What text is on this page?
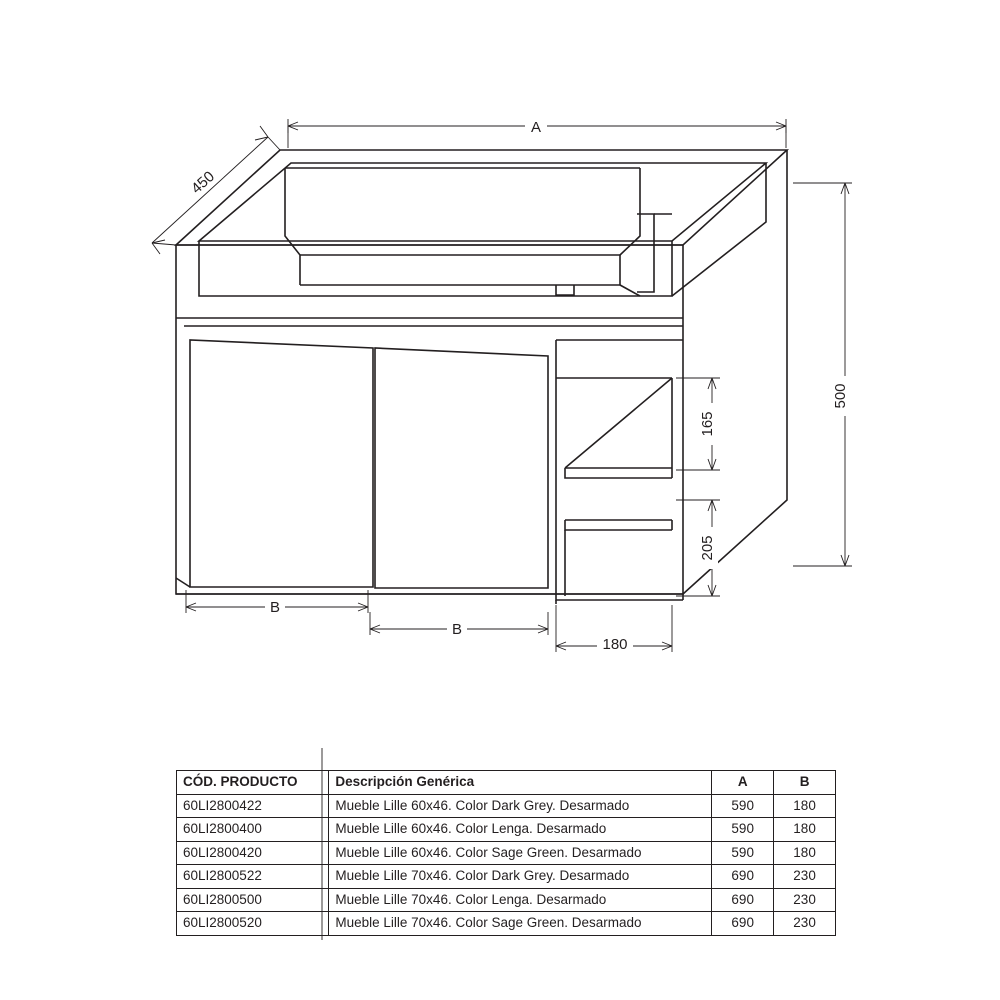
A
450
500
165
205
B
B
180
CÓD. PRODUCTO	Descripción Genérica	A	B
60LI2800422	Mueble Lille 60x46. Color Dark Grey. Desarmado	590	180
60LI2800400	Mueble Lille 60x46. Color Lenga. Desarmado	590	180
60LI2800420	Mueble Lille 60x46. Color Sage Green. Desarmado	590	180
60LI2800522	Mueble Lille 70x46. Color Dark Grey. Desarmado	690	230
60LI2800500	Mueble Lille 70x46. Color Lenga. Desarmado	690	230
60LI2800520	Mueble Lille 70x46. Color Sage Green. Desarmado	690	230
